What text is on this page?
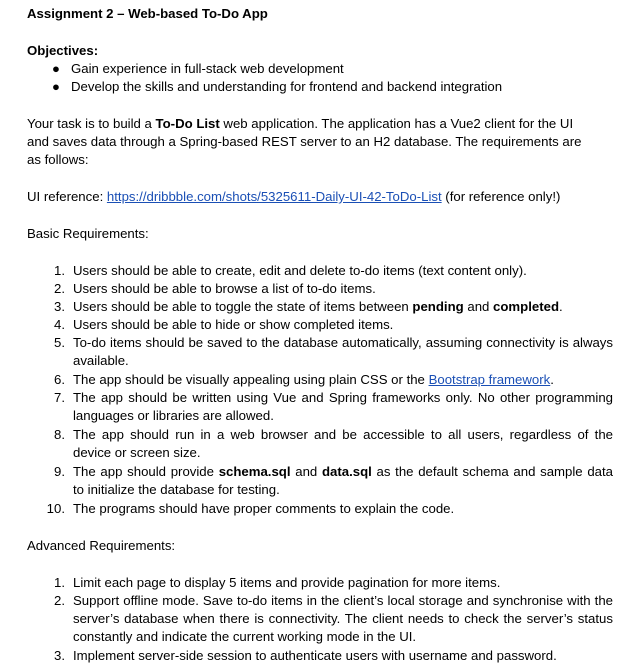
Assignment 2 – Web-based To-Do App
Objectives:
● Gain experience in full-stack web development
● Develop the skills and understanding for frontend and backend integration
Your task is to build a To-Do List web application. The application has a Vue2 client for the UI
and saves data through a Spring-based REST server to an H2 database. The requirements are
as follows:
UI reference: https://dribbble.com/shots/5325611-Daily-UI-42-ToDo-List (for reference only!)
Basic Requirements:
1. Users should be able to create, edit and delete to-do items (text content only).
2. Users should be able to browse a list of to-do items.
3. Users should be able to toggle the state of items between pending and completed.
4. Users should be able to hide or show completed items.
5. To-do items should be saved to the database automatically, assuming connectivity is always available.
6. The app should be visually appealing using plain CSS or the Bootstrap framework.
7. The app should be written using Vue and Spring frameworks only. No other programming languages or libraries are allowed.
8. The app should run in a web browser and be accessible to all users, regardless of the device or screen size.
9. The app should provide schema.sql and data.sql as the default schema and sample data to initialize the database for testing.
10. The programs should have proper comments to explain the code.
Advanced Requirements:
1. Limit each page to display 5 items and provide pagination for more items.
2. Support offline mode. Save to-do items in the client’s local storage and synchronise with the server’s database when there is connectivity. The client needs to check the server’s status constantly and indicate the current working mode in the UI.
3. Implement server-side session to authenticate users with username and password.
